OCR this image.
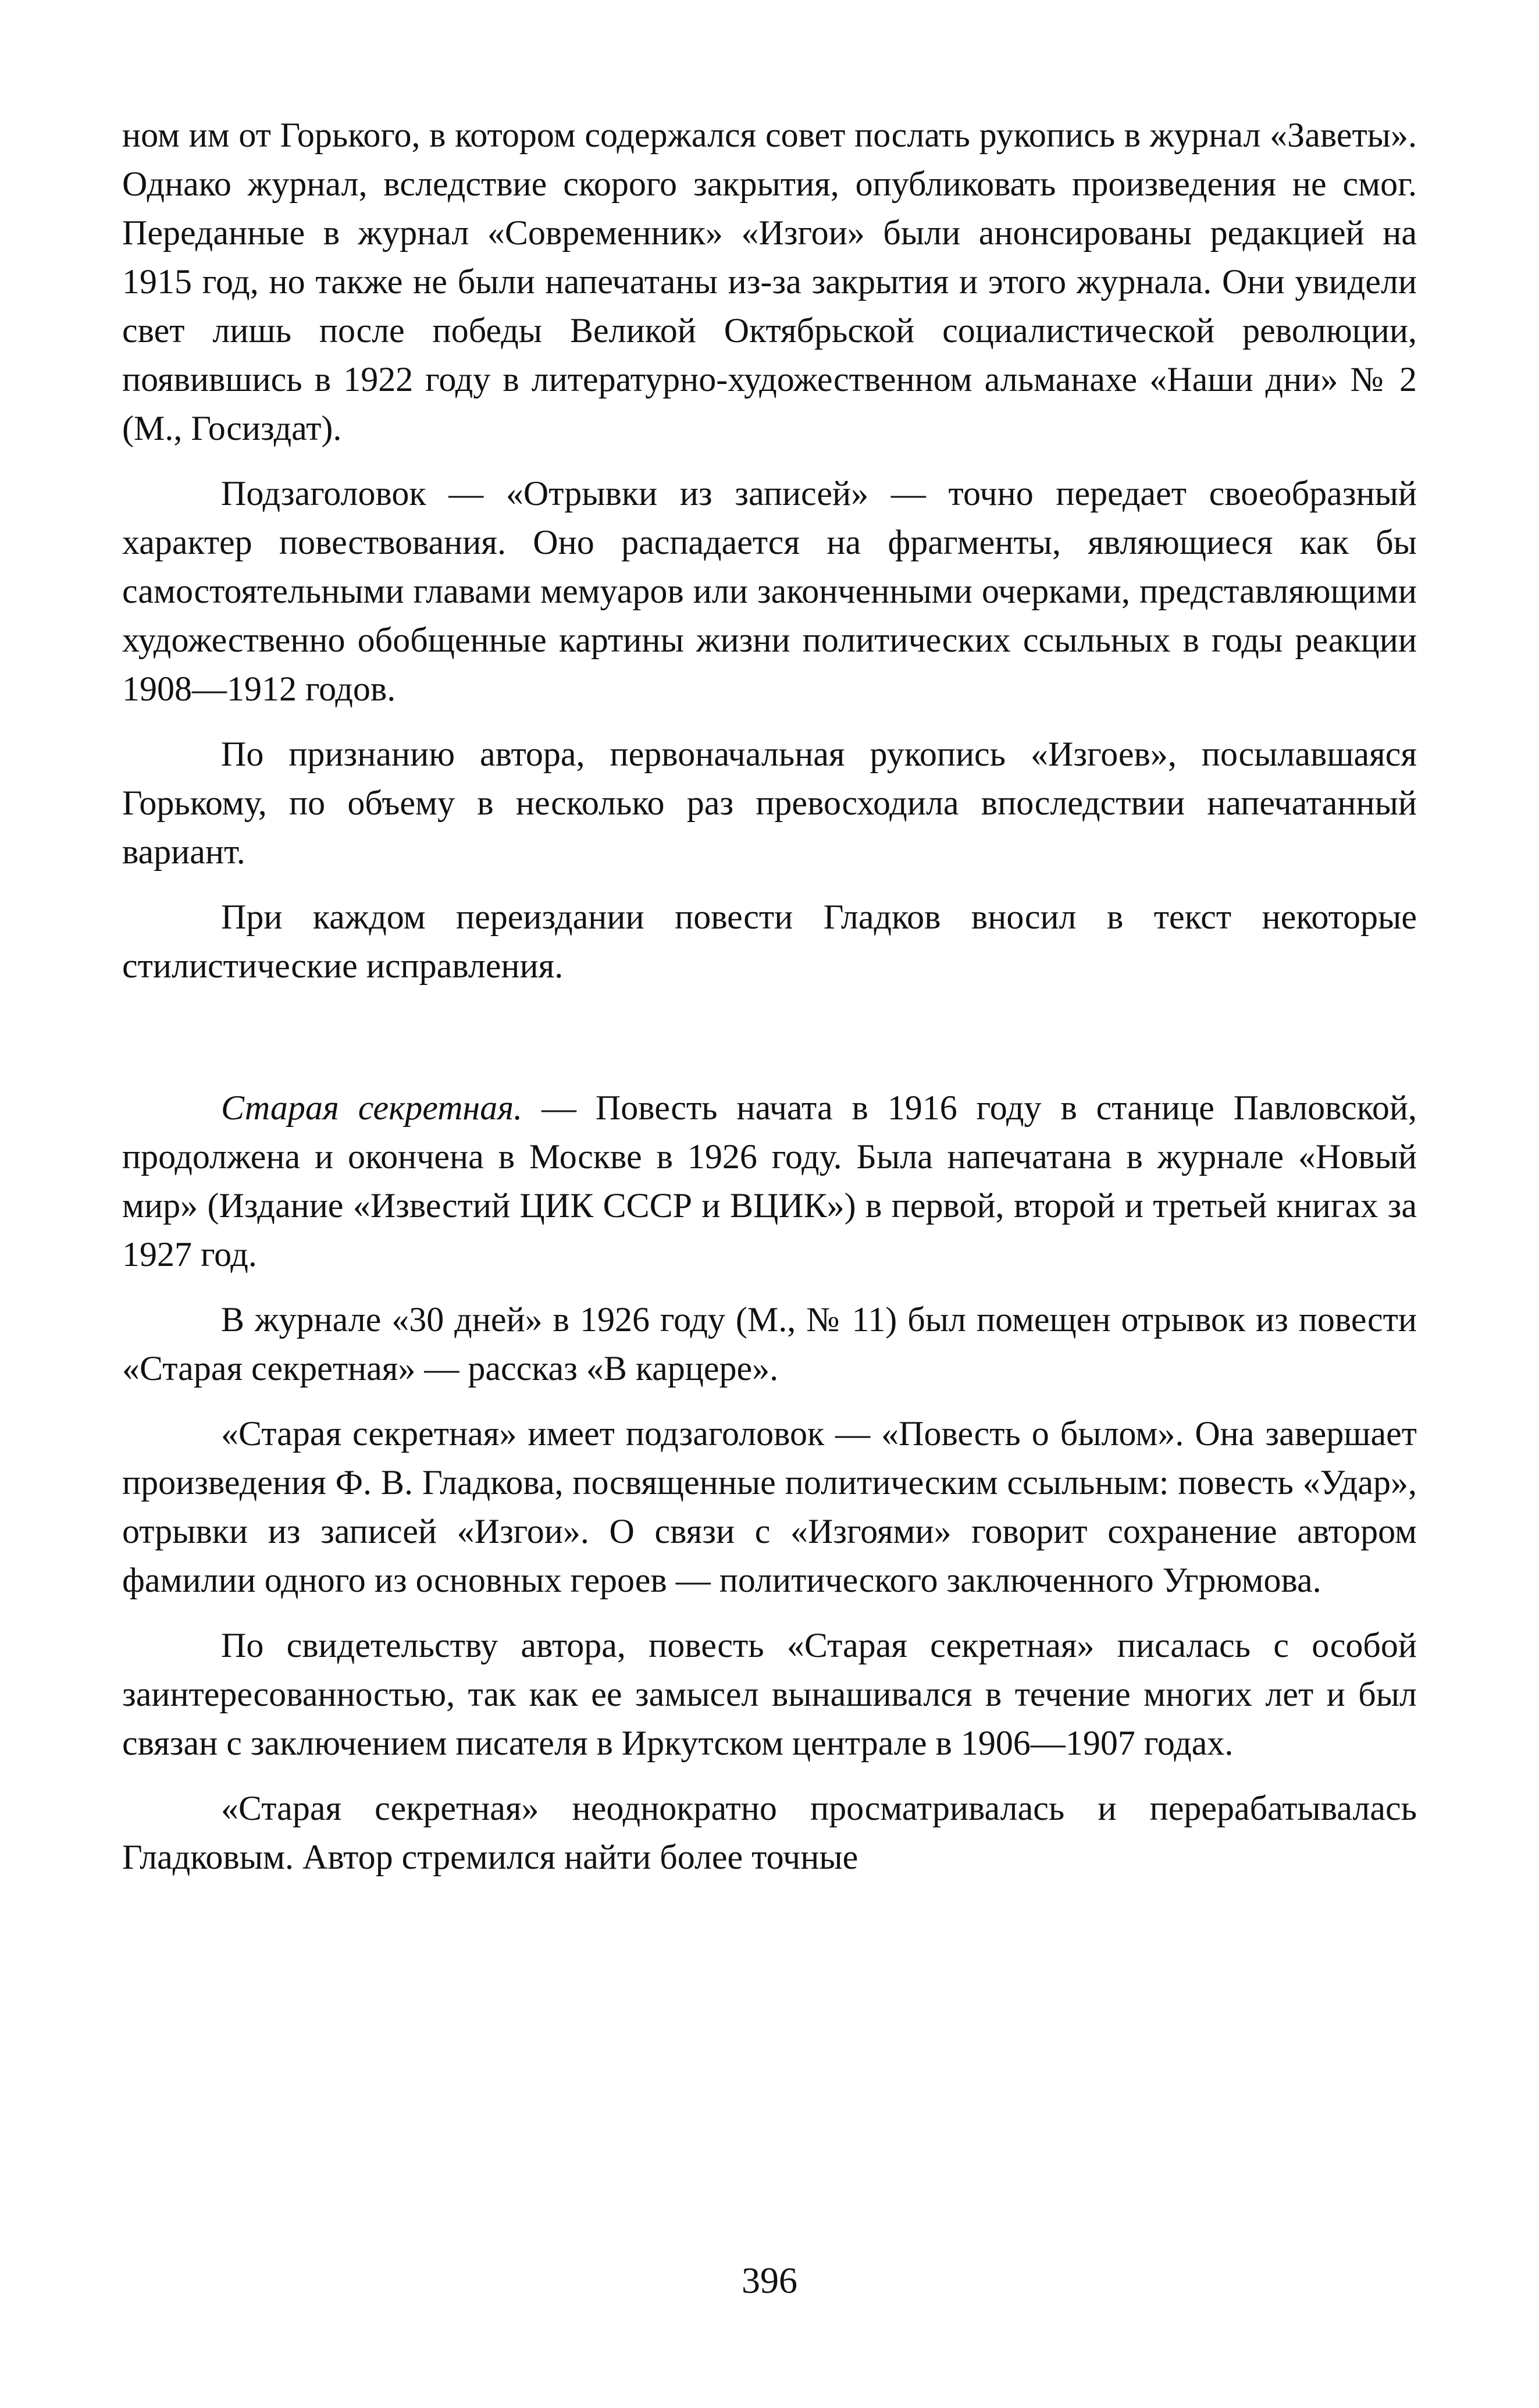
ном им от Горького, в котором содержался совет послать рукопись в журнал «Заветы». Однако журнал, вследствие скорого закрытия, опубликовать произведения не смог. Переданные в журнал «Современник» «Изгои» были анонсированы редакцией на 1915 год, но также не были напечатаны из-за закрытия и этого журнала. Они увидели свет лишь после победы Великой Октябрьской социалистической революции, появившись в 1922 году в литературно-художественном альманахе «Наши дни» № 2 (М., Госиздат).

Подзаголовок — «Отрывки из записей» — точно передает своеобразный характер повествования. Оно распадается на фрагменты, являющиеся как бы самостоятельными главами мемуаров или законченными очерками, представляющими художественно обобщенные картины жизни политических ссыльных в годы реакции 1908—1912 годов.

По признанию автора, первоначальная рукопись «Изгоев», посылавшаяся Горькому, по объему в несколько раз превосходила впоследствии напечатанный вариант.

При каждом переиздании повести Гладков вносил в текст некоторые стилистические исправления.

Старая секретная. — Повесть начата в 1916 году в станице Павловской, продолжена и окончена в Москве в 1926 году. Была напечатана в журнале «Новый мир» (Издание «Известий ЦИК СССР и ВЦИК») в первой, второй и третьей книгах за 1927 год.

В журнале «30 дней» в 1926 году (М., № 11) был помещен отрывок из повести «Старая секретная» — рассказ «В карцере».

«Старая секретная» имеет подзаголовок — «Повесть о былом». Она завершает произведения Ф. В. Гладкова, посвященные политическим ссыльным: повесть «Удар», отрывки из записей «Изгои». О связи с «Изгоями» говорит сохранение автором фамилии одного из основных героев — политического заключенного Угрюмова.

По свидетельству автора, повесть «Старая секретная» писалась с особой заинтересованностью, так как ее замысел вынашивался в течение многих лет и был связан с заключением писателя в Иркутском централе в 1906—1907 годах.

«Старая секретная» неоднократно просматривалась и перерабатывалась Гладковым. Автор стремился найти более точные

396
